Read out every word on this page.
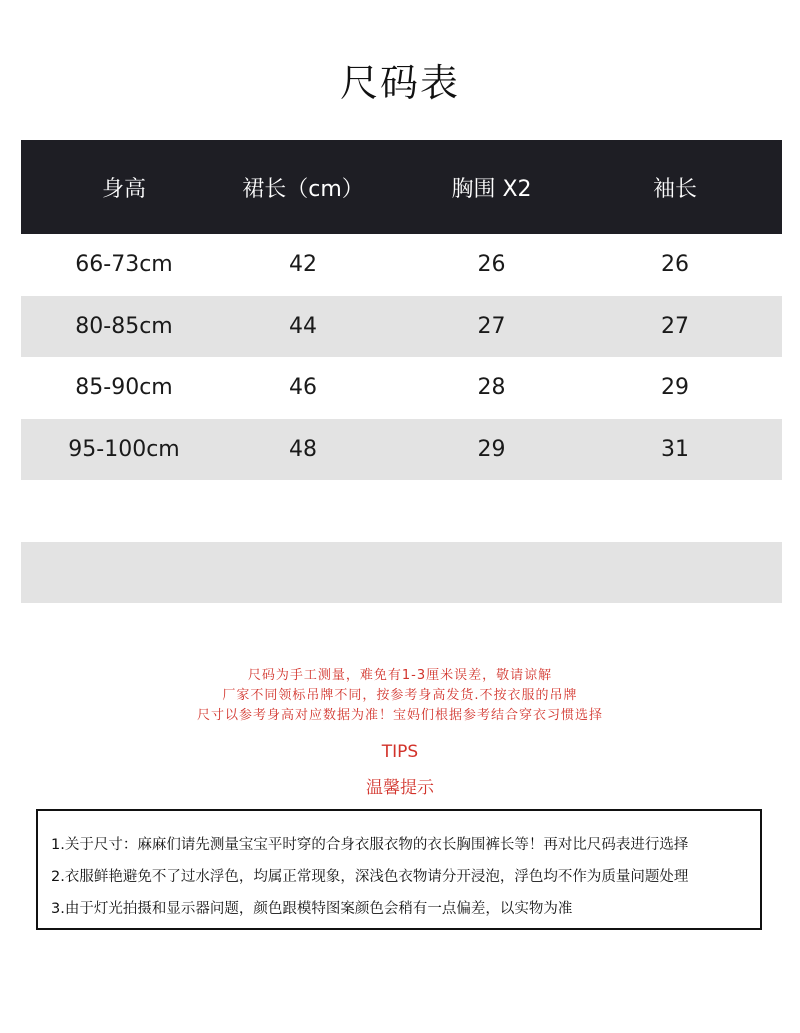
尺码表
身高	裙长（cm）	胸围 X2	袖长
66-73cm	42	26	26
80-85cm	44	27	27
85-90cm	46	28	29
95-100cm	48	29	31
尺码为手工测量，难免有1-3厘米误差，敬请谅解
厂家不同领标吊牌不同，按参考身高发货.不按衣服的吊牌
尺寸以参考身高对应数据为准！宝妈们根据参考结合穿衣习惯选择
TIPS
温馨提示
1.关于尺寸：麻麻们请先测量宝宝平时穿的合身衣服衣物的衣长胸围裤长等！再对比尺码表进行选择
2.衣服鲜艳避免不了过水浮色，均属正常现象，深浅色衣物请分开浸泡，浮色均不作为质量问题处理
3.由于灯光拍摄和显示器问题，颜色跟模特图案颜色会稍有一点偏差，以实物为准
